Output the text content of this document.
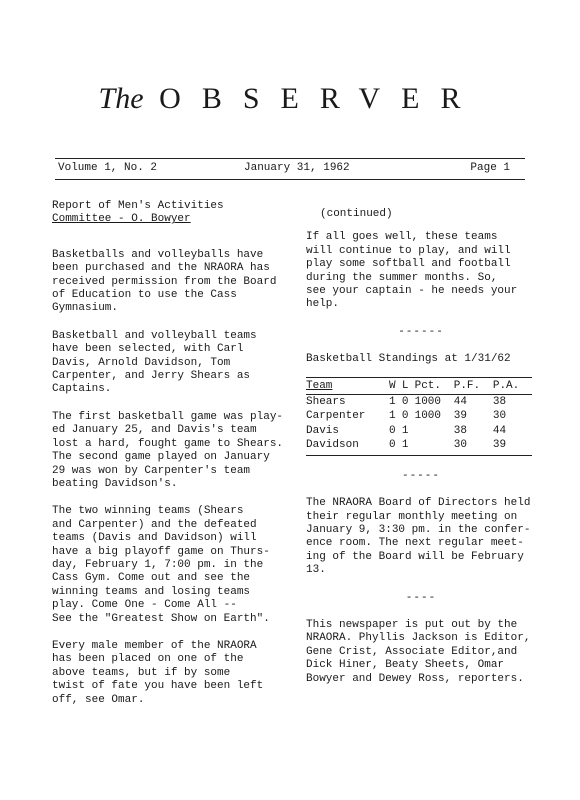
The OBSERVER
Volume 1, No. 2	January 31, 1962	Page 1

Report of Men's Activities
Committee - O. Bowyer

Basketballs and volleyballs have
been purchased and the NRAORA has
received permission from the Board
of Education to use the Cass
Gymnasium.

Basketball and volleyball teams
have been selected, with Carl
Davis, Arnold Davidson, Tom
Carpenter, and Jerry Shears as
Captains.

The first basketball game was play-
ed January 25, and Davis's team
lost a hard, fought game to Shears.
The second game played on January
29 was won by Carpenter's team
beating Davidson's.

The two winning teams (Shears
and Carpenter) and the defeated
teams (Davis and Davidson) will
have a big playoff game on Thurs-
day, February 1, 7:00 pm. in the
Cass Gym. Come out and see the
winning teams and losing teams
play. Come One - Come All --
See the "Greatest Show on Earth".

Every male member of the NRAORA
has been placed on one of the
above teams, but if by some
twist of fate you have been left
off, see Omar.

(continued)

If all goes well, these teams
will continue to play, and will
play some softball and football
during the summer months. So,
see your captain - he needs your
help.

------

Basketball Standings at 1/31/62

Team	W	L	Pct.	P.F.	P.A.
Shears	1	0	1000	44	38
Carpenter	1	0	1000	39	30
Davis	0	1		38	44
Davidson	0	1		30	39
-----

The NRAORA Board of Directors held
their regular monthly meeting on
January 9, 3:30 pm. in the confer-
ence room. The next regular meet-
ing of the Board will be February
13.

----

This newspaper is put out by the
NRAORA. Phyllis Jackson is Editor,
Gene Crist, Associate Editor,and
Dick Hiner, Beaty Sheets, Omar
Bowyer and Dewey Ross, reporters.
